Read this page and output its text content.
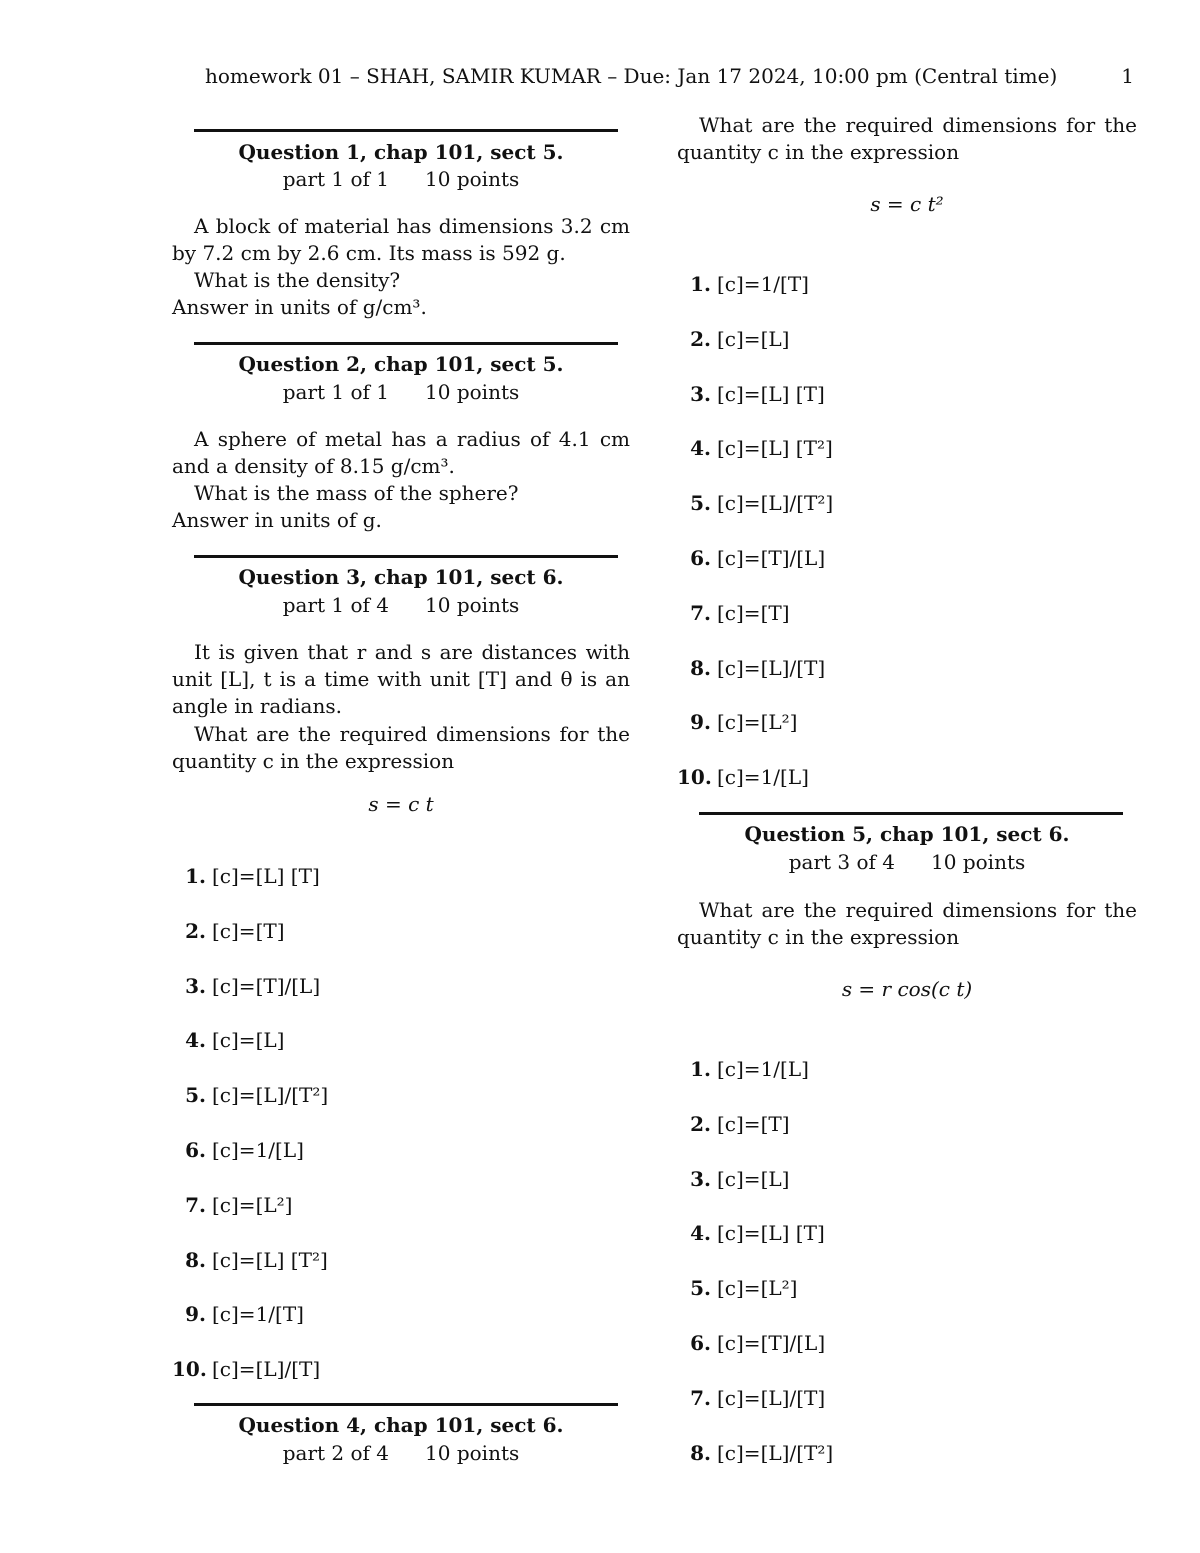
homework 01 – SHAH, SAMIR KUMAR – Due: Jan 17 2024, 10:00 pm (Central time)	1
Question 1, chap 101, sect 5.
part 1 of 1 10 points
A block of material has dimensions 3.2 cm by 7.2 cm by 2.6 cm. Its mass is 592 g.
What is the density?
Answer in units of g/cm³.
Question 2, chap 101, sect 5.
part 1 of 1 10 points
A sphere of metal has a radius of 4.1 cm and a density of 8.15 g/cm³.
What is the mass of the sphere?
Answer in units of g.
Question 3, chap 101, sect 6.
part 1 of 4 10 points
It is given that r and s are distances with unit [L], t is a time with unit [T] and θ is an angle in radians.
What are the required dimensions for the quantity c in the expression
s = c t
1. [c]=[L] [T]
2. [c]=[T]
3. [c]=[T]/[L]
4. [c]=[L]
5. [c]=[L]/[T²]
6. [c]=1/[L]
7. [c]=[L²]
8. [c]=[L] [T²]
9. [c]=1/[T]
10. [c]=[L]/[T]
Question 4, chap 101, sect 6.
part 2 of 4 10 points
What are the required dimensions for the quantity c in the expression
s = c t²
1. [c]=1/[T]
2. [c]=[L]
3. [c]=[L] [T]
4. [c]=[L] [T²]
5. [c]=[L]/[T²]
6. [c]=[T]/[L]
7. [c]=[T]
8. [c]=[L]/[T]
9. [c]=[L²]
10. [c]=1/[L]
Question 5, chap 101, sect 6.
part 3 of 4 10 points
What are the required dimensions for the quantity c in the expression
s = r cos(c t)
1. [c]=1/[L]
2. [c]=[T]
3. [c]=[L]
4. [c]=[L] [T]
5. [c]=[L²]
6. [c]=[T]/[L]
7. [c]=[L]/[T]
8. [c]=[L]/[T²]
